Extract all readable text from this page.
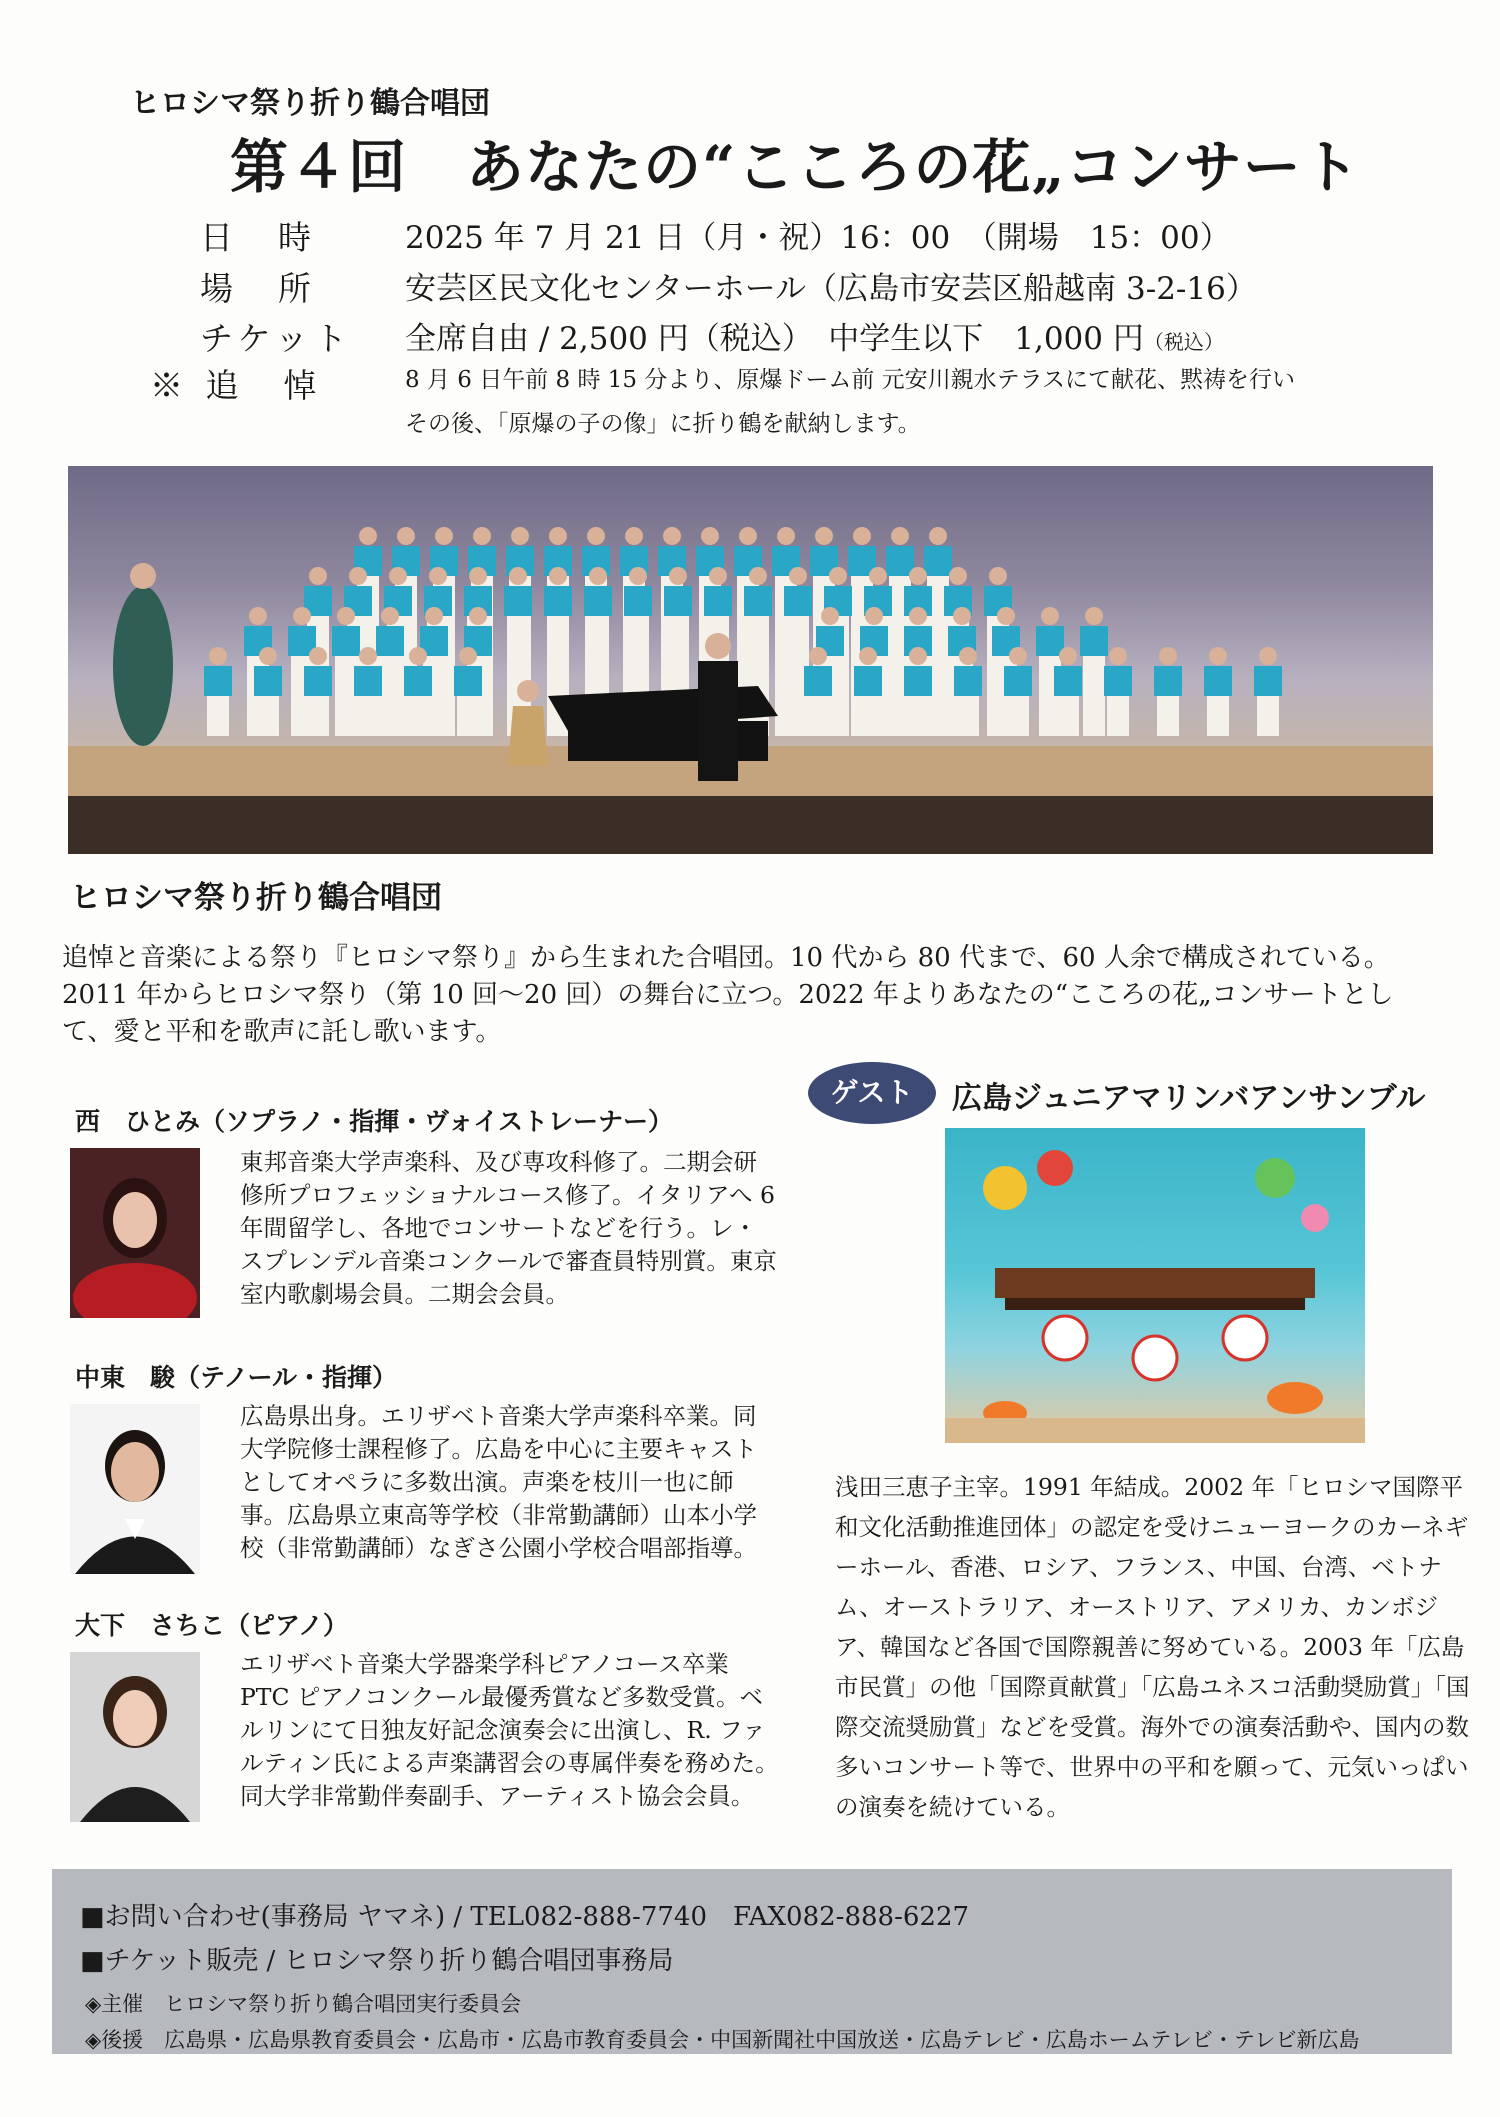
ヒロシマ祭り折り鶴合唱団
第４回　あなたの“こころの花„コンサート
日　時	2025 年 7 月 21 日（月・祝）16：00　（開場　15：00）
場　所	安芸区民文化センターホール（広島市安芸区船越南 3-2-16）
チケット 全席自由 / 2,500 円（税込）　中学生以下　1,000 円（税込）
※ 追　悼	8 月 6 日午前 8 時 15 分より、原爆ドーム前 元安川親水テラスにて献花、黙祷を行い
その後、「原爆の子の像」に折り鶴を献納します。
ヒロシマ祭り折り鶴合唱団
追悼と音楽による祭り『ヒロシマ祭り』から生まれた合唱団。10 代から 80 代まで、60 人余で構成されている。2011 年からヒロシマ祭り（第 10 回〜20 回）の舞台に立つ。2022 年よりあなたの“こころの花„コンサートとして、愛と平和を歌声に託し歌います。
ゲスト	広島ジュニアマリンバアンサンブル
浅田三恵子主宰。1991 年結成。2002 年「ヒロシマ国際平和文化活動推進団体」の認定を受けニューヨークのカーネギーホール、香港、ロシア、フランス、中国、台湾、ベトナム、オーストラリア、オーストリア、アメリカ、カンボジア、韓国など各国で国際親善に努めている。2003 年「広島市民賞」の他「国際貢献賞」「広島ユネスコ活動奨励賞」「国際交流奨励賞」などを受賞。海外での演奏活動や、国内の数多いコンサート等で、世界中の平和を願って、元気いっぱいの演奏を続けている。
西　ひとみ（ソプラノ・指揮・ヴォイストレーナー）
東邦音楽大学声楽科、及び専攻科修了。二期会研修所プロフェッショナルコース修了。イタリアへ 6 年間留学し、各地でコンサートなどを行う。レ・スプレンデル音楽コンクールで審査員特別賞。東京室内歌劇場会員。二期会会員。
中東　駿（テノール・指揮）
広島県出身。エリザベト音楽大学声楽科卒業。同大学院修士課程修了。広島を中心に主要キャストとしてオペラに多数出演。声楽を枝川一也に師事。広島県立東高等学校（非常勤講師）山本小学校（非常勤講師）なぎさ公園小学校合唱部指導。
大下　さちこ（ピアノ）
エリザベト音楽大学器楽学科ピアノコース卒業 PTC ピアノコンクール最優秀賞など多数受賞。ベルリンにて日独友好記念演奏会に出演し、R. ファルティン氏による声楽講習会の専属伴奏を務めた。同大学非常勤伴奏副手、アーティスト協会会員。
■お問い合わせ(事務局 ヤマネ) / TEL082-888-7740　FAX082-888-6227
■チケット販売 / ヒロシマ祭り折り鶴合唱団事務局
◈主催　ヒロシマ祭り折り鶴合唱団実行委員会
◈後援　広島県・広島県教育委員会・広島市・広島市教育委員会・中国新聞社中国放送・広島テレビ・広島ホームテレビ・テレビ新広島
